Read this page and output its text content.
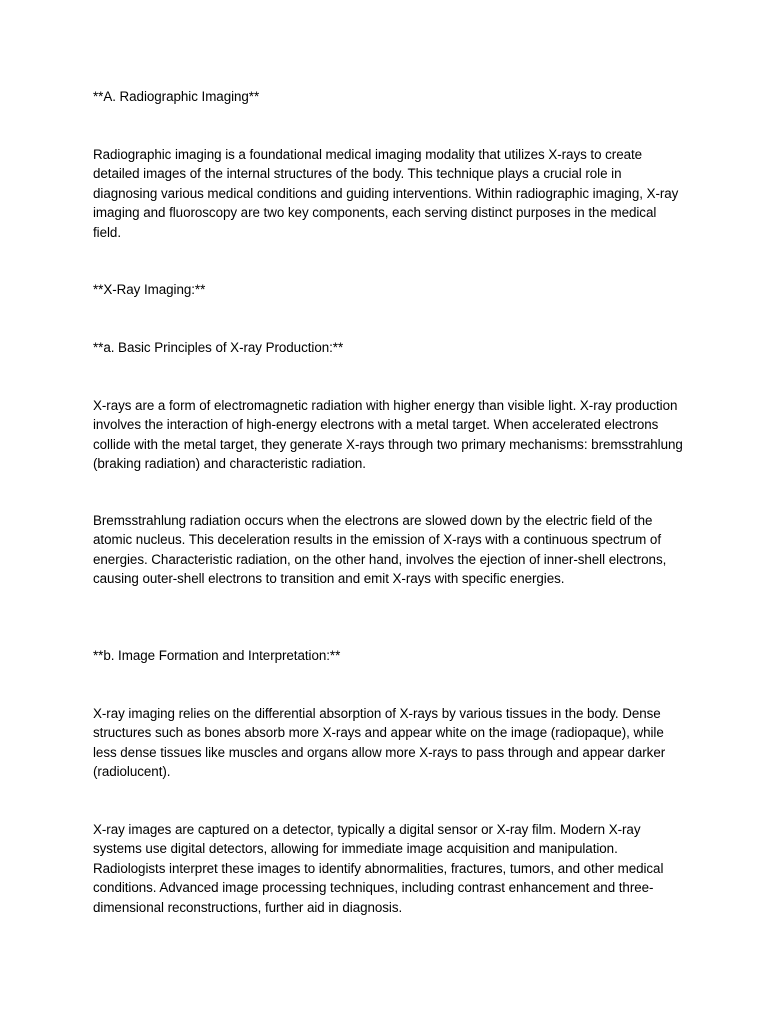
**A. Radiographic Imaging**

Radiographic imaging is a foundational medical imaging modality that utilizes X-rays to create detailed images of the internal structures of the body. This technique plays a crucial role in diagnosing various medical conditions and guiding interventions. Within radiographic imaging, X-ray imaging and fluoroscopy are two key components, each serving distinct purposes in the medical field.

**X-Ray Imaging:**

**a. Basic Principles of X-ray Production:**

X-rays are a form of electromagnetic radiation with higher energy than visible light. X-ray production involves the interaction of high-energy electrons with a metal target. When accelerated electrons collide with the metal target, they generate X-rays through two primary mechanisms: bremsstrahlung (braking radiation) and characteristic radiation.

Bremsstrahlung radiation occurs when the electrons are slowed down by the electric field of the atomic nucleus. This deceleration results in the emission of X-rays with a continuous spectrum of energies. Characteristic radiation, on the other hand, involves the ejection of inner-shell electrons, causing outer-shell electrons to transition and emit X-rays with specific energies.

**b. Image Formation and Interpretation:**

X-ray imaging relies on the differential absorption of X-rays by various tissues in the body. Dense structures such as bones absorb more X-rays and appear white on the image (radiopaque), while less dense tissues like muscles and organs allow more X-rays to pass through and appear darker (radiolucent).

X-ray images are captured on a detector, typically a digital sensor or X-ray film. Modern X-ray systems use digital detectors, allowing for immediate image acquisition and manipulation. Radiologists interpret these images to identify abnormalities, fractures, tumors, and other medical conditions. Advanced image processing techniques, including contrast enhancement and three-dimensional reconstructions, further aid in diagnosis.
